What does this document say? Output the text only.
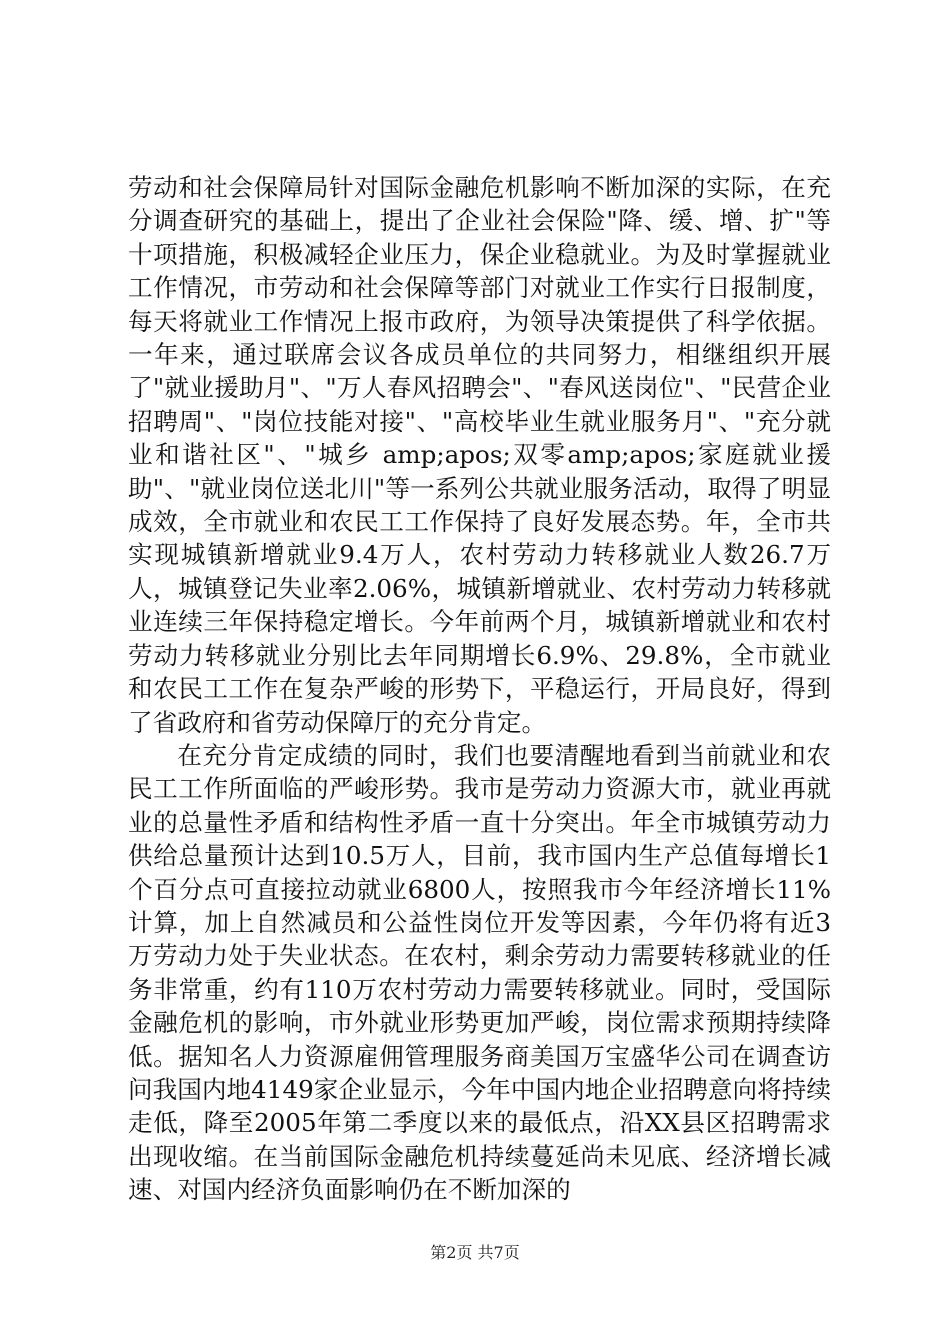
劳动和社会保障局针对国际金融危机影响不断加深的实际，在充分调查研究的基础上，提出了企业社会保险"降、缓、增、扩"等十项措施，积极减轻企业压力，保企业稳就业。为及时掌握就业工作情况，市劳动和社会保障等部门对就业工作实行日报制度，每天将就业工作情况上报市政府，为领导决策提供了科学依据。一年来，通过联席会议各成员单位的共同努力，相继组织开展了"就业援助月"、"万人春风招聘会"、"春风送岗位"、"民营企业招聘周"、"岗位技能对接"、"高校毕业生就业服务月"、"充分就业和谐社区"、"城乡 amp;apos;双零amp;apos;家庭就业援助"、"就业岗位送北川"等一系列公共就业服务活动，取得了明显成效，全市就业和农民工工作保持了良好发展态势。年，全市共实现城镇新增就业9.4万人，农村劳动力转移就业人数26.7万人，城镇登记失业率2.06%，城镇新增就业、农村劳动力转移就业连续三年保持稳定增长。今年前两个月，城镇新增就业和农村劳动力转移就业分别比去年同期增长6.9%、29.8%，全市就业和农民工工作在复杂严峻的形势下，平稳运行，开局良好，得到了省政府和省劳动保障厅的充分肯定。

在充分肯定成绩的同时，我们也要清醒地看到当前就业和农民工工作所面临的严峻形势。我市是劳动力资源大市，就业再就业的总量性矛盾和结构性矛盾一直十分突出。年全市城镇劳动力供给总量预计达到10.5万人，目前，我市国内生产总值每增长1个百分点可直接拉动就业6800人，按照我市今年经济增长11%计算，加上自然减员和公益性岗位开发等因素，今年仍将有近3万劳动力处于失业状态。在农村，剩余劳动力需要转移就业的任务非常重，约有110万农村劳动力需要转移就业。同时，受国际金融危机的影响，市外就业形势更加严峻，岗位需求预期持续降低。据知名人力资源雇佣管理服务商美国万宝盛华公司在调查访问我国内地4149家企业显示，今年中国内地企业招聘意向将持续走低，降至2005年第二季度以来的最低点，沿XX县区招聘需求出现收缩。在当前国际金融危机持续蔓延尚未见底、经济增长减速、对国内经济负面影响仍在不断加深的

第2页 共7页
